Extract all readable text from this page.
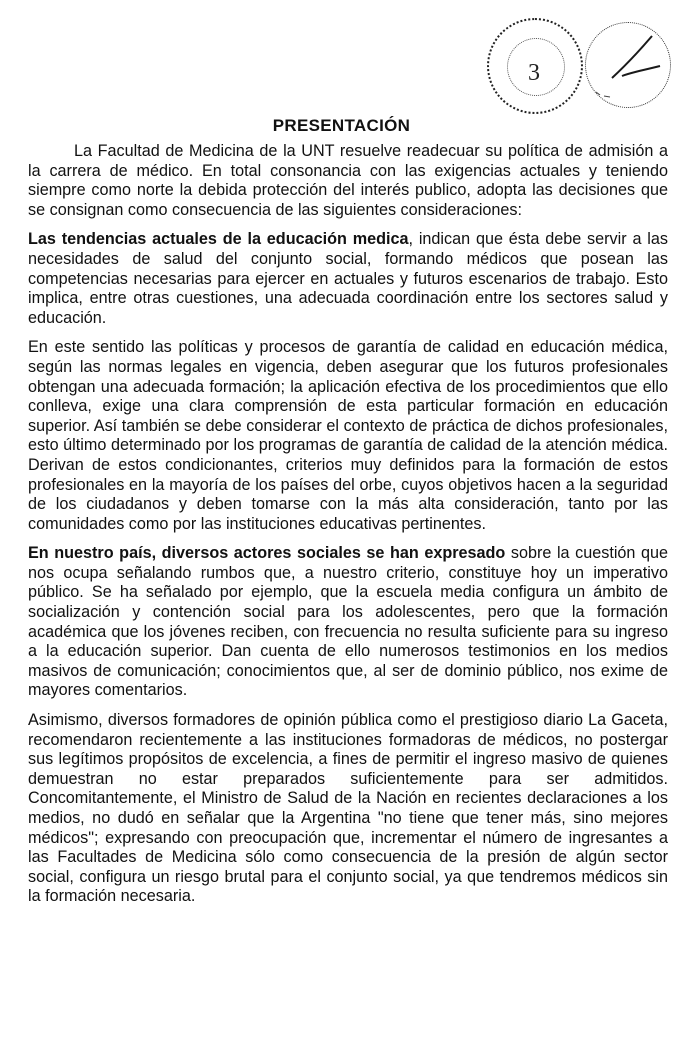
3
PRESENTACIÓN

La Facultad de Medicina de la UNT resuelve readecuar su política de admisión a la carrera de médico. En total consonancia con las exigencias actuales y teniendo siempre como norte la debida protección del interés publico, adopta las decisiones que se consignan como consecuencia de las siguientes consideraciones:

Las tendencias actuales de la educación medica, indican que ésta debe servir a las necesidades de salud del conjunto social, formando médicos que posean las competencias necesarias para ejercer en actuales y futuros escenarios de trabajo. Esto implica, entre otras cuestiones, una adecuada coordinación entre los sectores salud y educación.

En este sentido las políticas y procesos de garantía de calidad en educación médica, según las normas legales en vigencia, deben asegurar que los futuros profesionales obtengan una adecuada formación; la aplicación efectiva de los procedimientos que ello conlleva, exige una clara comprensión de esta particular formación en educación superior. Así también se debe considerar el contexto de práctica de dichos profesionales, esto último determinado por los programas de garantía de calidad de la atención médica. Derivan de estos condicionantes, criterios muy definidos para la formación de estos profesionales en la mayoría de los países del orbe, cuyos objetivos hacen a la seguridad de los ciudadanos y deben tomarse con la más alta consideración, tanto por las comunidades como por las instituciones educativas pertinentes.

En nuestro país, diversos actores sociales se han expresado sobre la cuestión que nos ocupa señalando rumbos que, a nuestro criterio, constituye hoy un imperativo público. Se ha señalado por ejemplo, que la escuela media configura un ámbito de socialización y contención social para los adolescentes, pero que la formación académica que los jóvenes reciben, con frecuencia no resulta suficiente para su ingreso a la educación superior. Dan cuenta de ello numerosos testimonios en los medios masivos de comunicación; conocimientos que, al ser de dominio público, nos exime de mayores comentarios.

Asimismo, diversos formadores de opinión pública como el prestigioso diario La Gaceta, recomendaron recientemente a las instituciones formadoras de médicos, no postergar sus legítimos propósitos de excelencia, a fines de permitir el ingreso masivo de quienes demuestran no estar preparados suficientemente para ser admitidos. Concomitantemente, el Ministro de Salud de la Nación en recientes declaraciones a los medios, no dudó en señalar que la Argentina "no tiene que tener más, sino mejores médicos"; expresando con preocupación que, incrementar el número de ingresantes a las Facultades de Medicina sólo como consecuencia de la presión de algún sector social, configura un riesgo brutal para el conjunto social, ya que tendremos médicos sin la formación necesaria.
